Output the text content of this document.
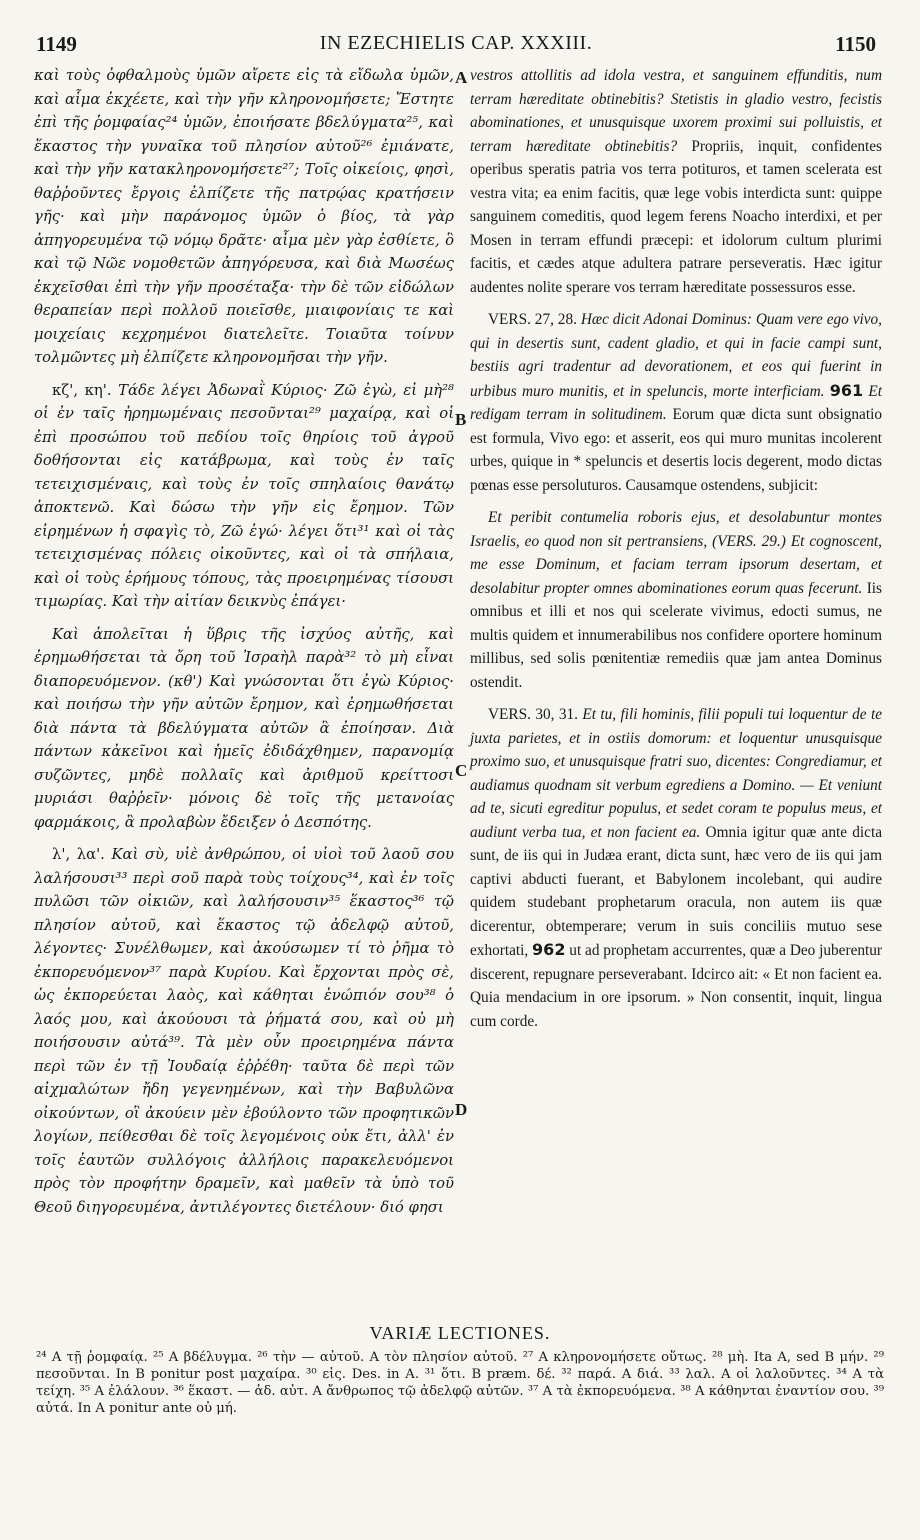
1149	IN EZECHIELIS CAP. XXXIII.	1150
A
B
C
D

καὶ τοὺς ὀφθαλμοὺς ὑμῶν αἴρετε εἰς τὰ εἴδωλα ὑμῶν, καὶ αἷμα ἐκχέετε, καὶ τὴν γῆν κληρονομήσετε; Ἔστητε ἐπὶ τῆς ῥομφαίας²⁴ ὑμῶν, ἐποιήσατε βδελύγματα²⁵, καὶ ἕκαστος τὴν γυναῖκα τοῦ πλησίον αὐτοῦ²⁶ ἐμιάνατε, καὶ τὴν γῆν κατακληρονομήσετε²⁷; Τοῖς οἰκείοις, φησὶ, θαῤῥοῦντες ἔργοις ἐλπίζετε τῆς πατρῴας κρατήσειν γῆς· καὶ μὴν παράνομος ὑμῶν ὁ βίος, τὰ γὰρ ἀπηγορευμένα τῷ νόμῳ δρᾶτε· αἷμα μὲν γὰρ ἐσθίετε, ὃ καὶ τῷ Νῶε νομοθετῶν ἀπηγόρευσα, καὶ διὰ Μωσέως ἐκχεῖσθαι ἐπὶ τὴν γῆν προσέταξα· τὴν δὲ τῶν εἰδώλων θεραπείαν περὶ πολλοῦ ποιεῖσθε, μιαιφονίαις τε καὶ μοιχείαις κεχρημένοι διατελεῖτε. Τοιαῦτα τοίνυν τολμῶντες μὴ ἐλπίζετε κληρονομῆσαι τὴν γῆν.

κζ', κη'. Τάδε λέγει Ἀδωναῒ Κύριος· Ζῶ ἐγὼ, εἰ μὴ²⁸ οἱ ἐν ταῖς ἠρημωμέναις πεσοῦνται²⁹ μαχαίρᾳ, καὶ οἱ ἐπὶ προσώπου τοῦ πεδίου τοῖς θηρίοις τοῦ ἀγροῦ δοθήσονται εἰς κατάβρωμα, καὶ τοὺς ἐν ταῖς τετειχισμέναις, καὶ τοὺς ἐν τοῖς σπηλαίοις θανάτῳ ἀποκτενῶ. Καὶ δώσω τὴν γῆν εἰς ἔρημον. Τῶν εἰρημένων ἡ σφαγὶς τὸ, Ζῶ ἐγώ· λέγει ὅτι³¹ καὶ οἱ τὰς τετειχισμένας πόλεις οἰκοῦντες, καὶ οἱ τὰ σπήλαια, καὶ οἱ τοὺς ἐρήμους τόπους, τὰς προειρημένας τίσουσι τιμωρίας. Καὶ τὴν αἰτίαν δεικνὺς ἐπάγει·

Καὶ ἀπολεῖται ἡ ὕβρις τῆς ἰσχύος αὐτῆς, καὶ ἐρημωθήσεται τὰ ὄρη τοῦ Ἰσραὴλ παρὰ³² τὸ μὴ εἶναι διαπορευόμενον. (κθ') Καὶ γνώσονται ὅτι ἐγὼ Κύριος· καὶ ποιήσω τὴν γῆν αὐτῶν ἔρημον, καὶ ἐρημωθήσεται διὰ πάντα τὰ βδελύγματα αὐτῶν ἃ ἐποίησαν. Διὰ πάντων κἀκεῖνοι καὶ ἡμεῖς ἐδιδάχθημεν, παρανομίᾳ συζῶντες, μηδὲ πολλαῖς καὶ ἀριθμοῦ κρείττοσι μυριάσι θαῤῥεῖν· μόνοις δὲ τοῖς τῆς μετανοίας φαρμάκοις, ἃ προλαβὼν ἔδειξεν ὁ Δεσπότης.

λ', λα'. Καὶ σὺ, υἱὲ ἀνθρώπου, οἱ υἱοὶ τοῦ λαοῦ σου λαλήσουσι³³ περὶ σοῦ παρὰ τοὺς τοίχους³⁴, καὶ ἐν τοῖς πυλῶσι τῶν οἰκιῶν, καὶ λαλήσουσιν³⁵ ἕκαστος³⁶ τῷ πλησίον αὐτοῦ, καὶ ἕκαστος τῷ ἀδελφῷ αὐτοῦ, λέγοντες· Συνέλθωμεν, καὶ ἀκούσωμεν τί τὸ ῥῆμα τὸ ἐκπορευόμενον³⁷ παρὰ Κυρίου. Καὶ ἔρχονται πρὸς σὲ, ὡς ἐκπορεύεται λαὸς, καὶ κάθηται ἐνώπιόν σου³⁸ ὁ λαός μου, καὶ ἀκούουσι τὰ ῥήματά σου, καὶ οὐ μὴ ποιήσουσιν αὐτά³⁹. Τὰ μὲν οὖν προειρημένα πάντα περὶ τῶν ἐν τῇ Ἰουδαίᾳ ἐῤῥέθη· ταῦτα δὲ περὶ τῶν αἰχμαλώτων ἤδη γεγενημένων, καὶ τὴν Βαβυλῶνα οἰκούντων, οἳ ἀκούειν μὲν ἐβούλοντο τῶν προφητικῶν λογίων, πείθεσθαι δὲ τοῖς λεγομένοις οὐκ ἔτι, ἀλλ' ἐν τοῖς ἑαυτῶν συλλόγοις ἀλλήλοις παρακελευόμενοι πρὸς τὸν προφήτην δραμεῖν, καὶ μαθεῖν τὰ ὑπὸ τοῦ Θεοῦ διηγορευμένα, ἀντιλέγοντες διετέλουν· διό φησι

vestros attollitis ad idola vestra, et sanguinem effunditis, num terram hæreditate obtinebitis? Stetistis in gladio vestro, fecistis abominationes, et unusquisque uxorem proximi sui polluistis, et terram hæreditate obtinebitis? Propriis, inquit, confidentes operibus speratis patria vos terra potituros, et tamen scelerata est vestra vita; ea enim facitis, quæ lege vobis interdicta sunt: quippe sanguinem comeditis, quod legem ferens Noacho interdixi, et per Mosen in terram effundi præcepi: et idolorum cultum plurimi facitis, et cædes atque adultera patrare perseveratis. Hæc igitur audentes nolite sperare vos terram hæreditate possessuros esse.

VERS. 27, 28. Hæc dicit Adonai Dominus: Quam vere ego vivo, qui in desertis sunt, cadent gladio, et qui in facie campi sunt, bestiis agri tradentur ad devorationem, et eos qui fuerint in urbibus muro munitis, et in speluncis, morte interficiam. 961 Et redigam terram in solitudinem. Eorum quæ dicta sunt obsignatio est formula, Vivo ego: et asserit, eos qui muro munitas incolerent urbes, quique in * speluncis et desertis locis degerent, modo dictas pœnas esse persoluturos. Causamque ostendens, subjicit:

Et peribit contumelia roboris ejus, et desolabuntur montes Israelis, eo quod non sit pertransiens, (VERS. 29.) Et cognoscent, me esse Dominum, et faciam terram ipsorum desertam, et desolabitur propter omnes abominationes eorum quas fecerunt. Iis omnibus et illi et nos qui scelerate vivimus, edocti sumus, ne multis quidem et innumerabilibus nos confidere oportere hominum millibus, sed solis pœnitentiæ remediis quæ jam antea Dominus ostendit.

VERS. 30, 31. Et tu, fili hominis, filii populi tui loquentur de te juxta parietes, et in ostiis domorum: et loquentur unusquisque proximo suo, et unusquisque fratri suo, dicentes: Congrediamur, et audiamus quodnam sit verbum egrediens a Domino. — Et veniunt ad te, sicuti egreditur populus, et sedet coram te populus meus, et audiunt verba tua, et non facient ea. Omnia igitur quæ ante dicta sunt, de iis qui in Judæa erant, dicta sunt, hæc vero de iis qui jam captivi abducti fuerant, et Babylonem incolebant, qui audire quidem studebant prophetarum oracula, non autem iis quæ dicerentur, obtemperare; verum in suis conciliis mutuo sese exhortati, 962 ut ad prophetam accurrentes, quæ a Deo juberentur discerent, repugnare perseverabant. Idcirco ait: « Et non facient ea. Quia mendacium in ore ipsorum. » Non consentit, inquit, lingua cum corde.

VARIÆ LECTIONES.
²⁴ A τῇ ῥομφαίᾳ. ²⁵ A βδέλυγμα. ²⁶ τὴν — αὐτοῦ. A τὸν πλησίον αὐτοῦ. ²⁷ A κληρονομήσετε οὕτως. ²⁸ μὴ. Ita A, sed B μήν. ²⁹ πεσοῦνται. In B ponitur post μαχαίρα. ³⁰ εἰς. Des. in A. ³¹ ὅτι. B præm. δέ. ³² παρά. A διά. ³³ λαλ. A οἱ λαλοῦντες. ³⁴ A τὰ τείχη. ³⁵ A ἐλάλουν. ³⁶ ἕκαστ. — ἀδ. αὐτ. A ἄνθρωπος τῷ ἀδελφῷ αὐτῶν. ³⁷ A τὰ ἐκπορευόμενα. ³⁸ A κάθηνται ἐναντίον σου. ³⁹ αὐτά. In A ponitur ante οὐ μή.
